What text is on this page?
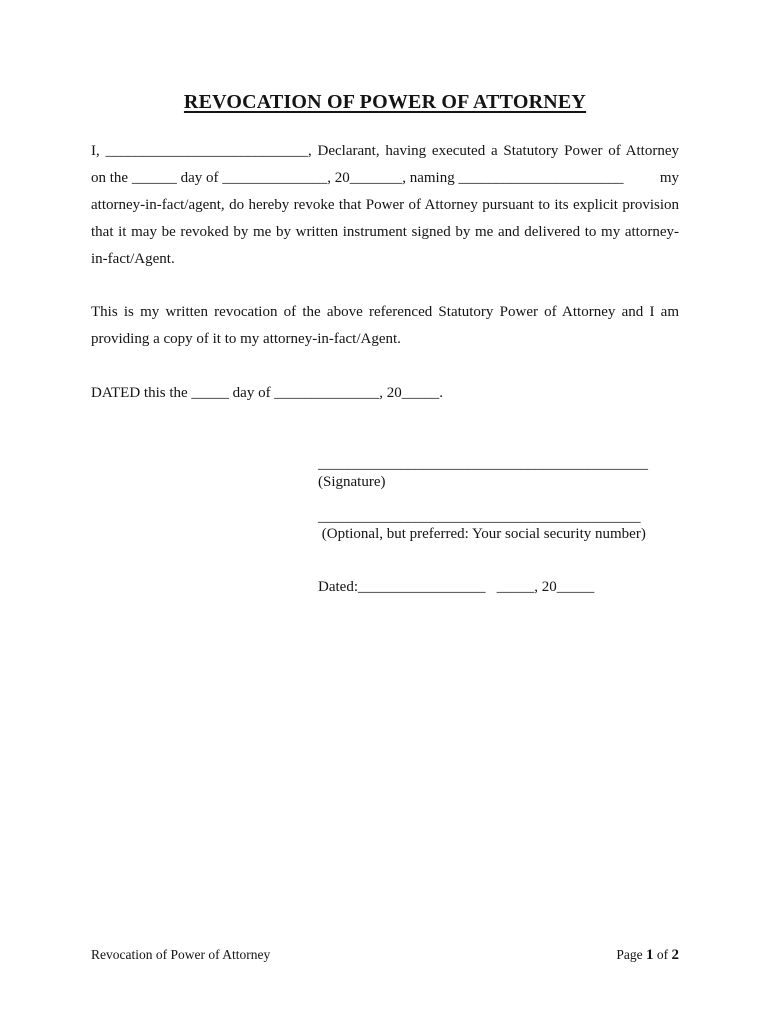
REVOCATION OF POWER OF ATTORNEY
I, ___________________________, Declarant, having executed a Statutory Power of Attorney
on the ______ day of ______________, 20_______, naming ______________________ my
attorney-in-fact/agent, do hereby revoke that Power of Attorney pursuant to its explicit provision
that it may be revoked by me by written instrument signed by me and delivered to my attorney-
in-fact/Agent.
This is my written revocation of the above referenced Statutory Power of Attorney and I am
providing a copy of it to my attorney-in-fact/Agent.
DATED this the _____ day of ______________, 20_____.
____________________________________________
(Signature)
___________________________________________
(Optional, but preferred: Your social security number)
Dated:_________________   _____, 20_____
Revocation of Power of Attorney	Page 1 of 2
